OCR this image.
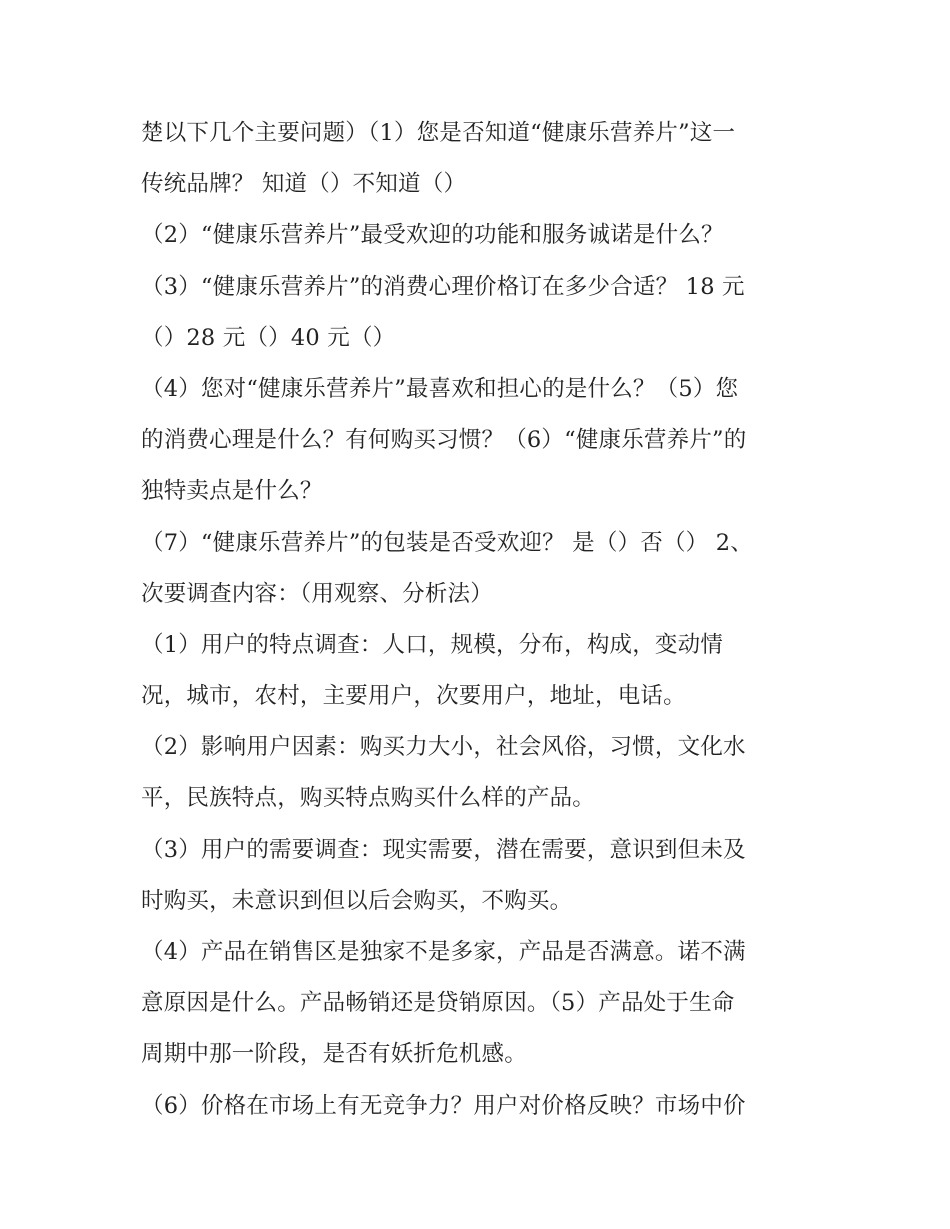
楚以下几个主要问题）（1）您是否知道“健康乐营养片”这一
传统品牌？ 知道（）不知道（）
（2）“健康乐营养片”最受欢迎的功能和服务诚诺是什么？
（3）“健康乐营养片”的消费心理价格订在多少合适？ 18 元
（）28 元（）40 元（）
（4）您对“健康乐营养片”最喜欢和担心的是什么？（5）您
的消费心理是什么？有何购买习惯？（6）“健康乐营养片”的
独特卖点是什么？
（7）“健康乐营养片”的包装是否受欢迎？ 是（）否（） 2、
次要调查内容：（用观察、分析法）
（1）用户的特点调查：人口，规模，分布，构成，变动情
况，城市，农村，主要用户，次要用户，地址，电话。
（2）影响用户因素：购买力大小，社会风俗，习惯，文化水
平，民族特点，购买特点购买什么样的产品。
（3）用户的需要调查：现实需要，潜在需要，意识到但未及
时购买，未意识到但以后会购买，不购买。
（4）产品在销售区是独家不是多家，产品是否满意。诺不满
意原因是什么。产品畅销还是贷销原因。（5）产品处于生命
周期中那一阶段，是否有妖折危机感。
（6）价格在市场上有无竞争力？用户对价格反映？市场中价
